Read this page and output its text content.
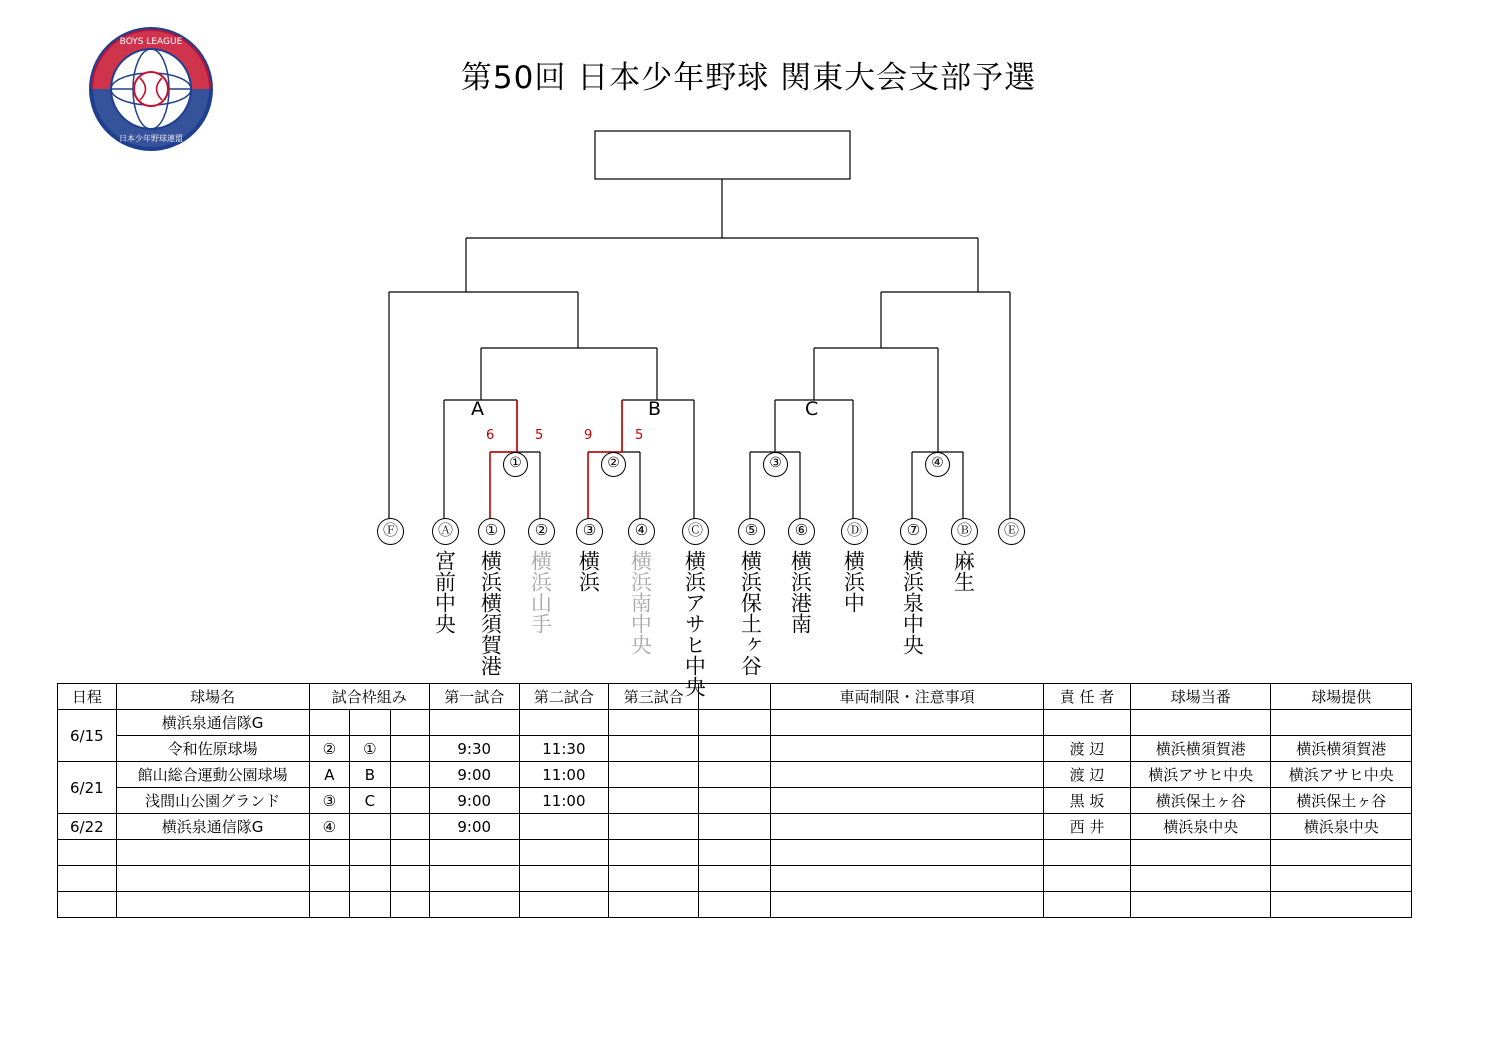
BOYS LEAGUE
日本少年野球連盟
第50回 日本少年野球 関東大会支部予選
A	B	C
6	5	9	5
①	②	③	④
Ⓕ	Ⓐ	①	②	③	④	Ⓒ	⑤	⑥	Ⓓ	⑦	Ⓑ	Ⓔ
宮前中央 横浜横須賀港 横浜山手 横浜 横浜南中央 横浜アサヒ中央 横浜保土ヶ谷 横浜港南 横浜中 横浜泉中央 麻生
日程	球場名	試合枠組み			第一試合	第二試合	第三試合		車両制限・注意事項	責 任 者	球場当番	球場提供
6/15	横浜泉通信隊G											
	令和佐原球場	②	①		9:30	11:30				渡 辺	横浜横須賀港	横浜横須賀港
6/21	館山総合運動公園球場	A	B		9:00	11:00				渡 辺	横浜アサヒ中央	横浜アサヒ中央
	浅間山公園グランド	③	C		9:00	11:00				黒 坂	横浜保土ヶ谷	横浜保土ヶ谷
6/22	横浜泉通信隊G	④			9:00					西 井	横浜泉中央	横浜泉中央
